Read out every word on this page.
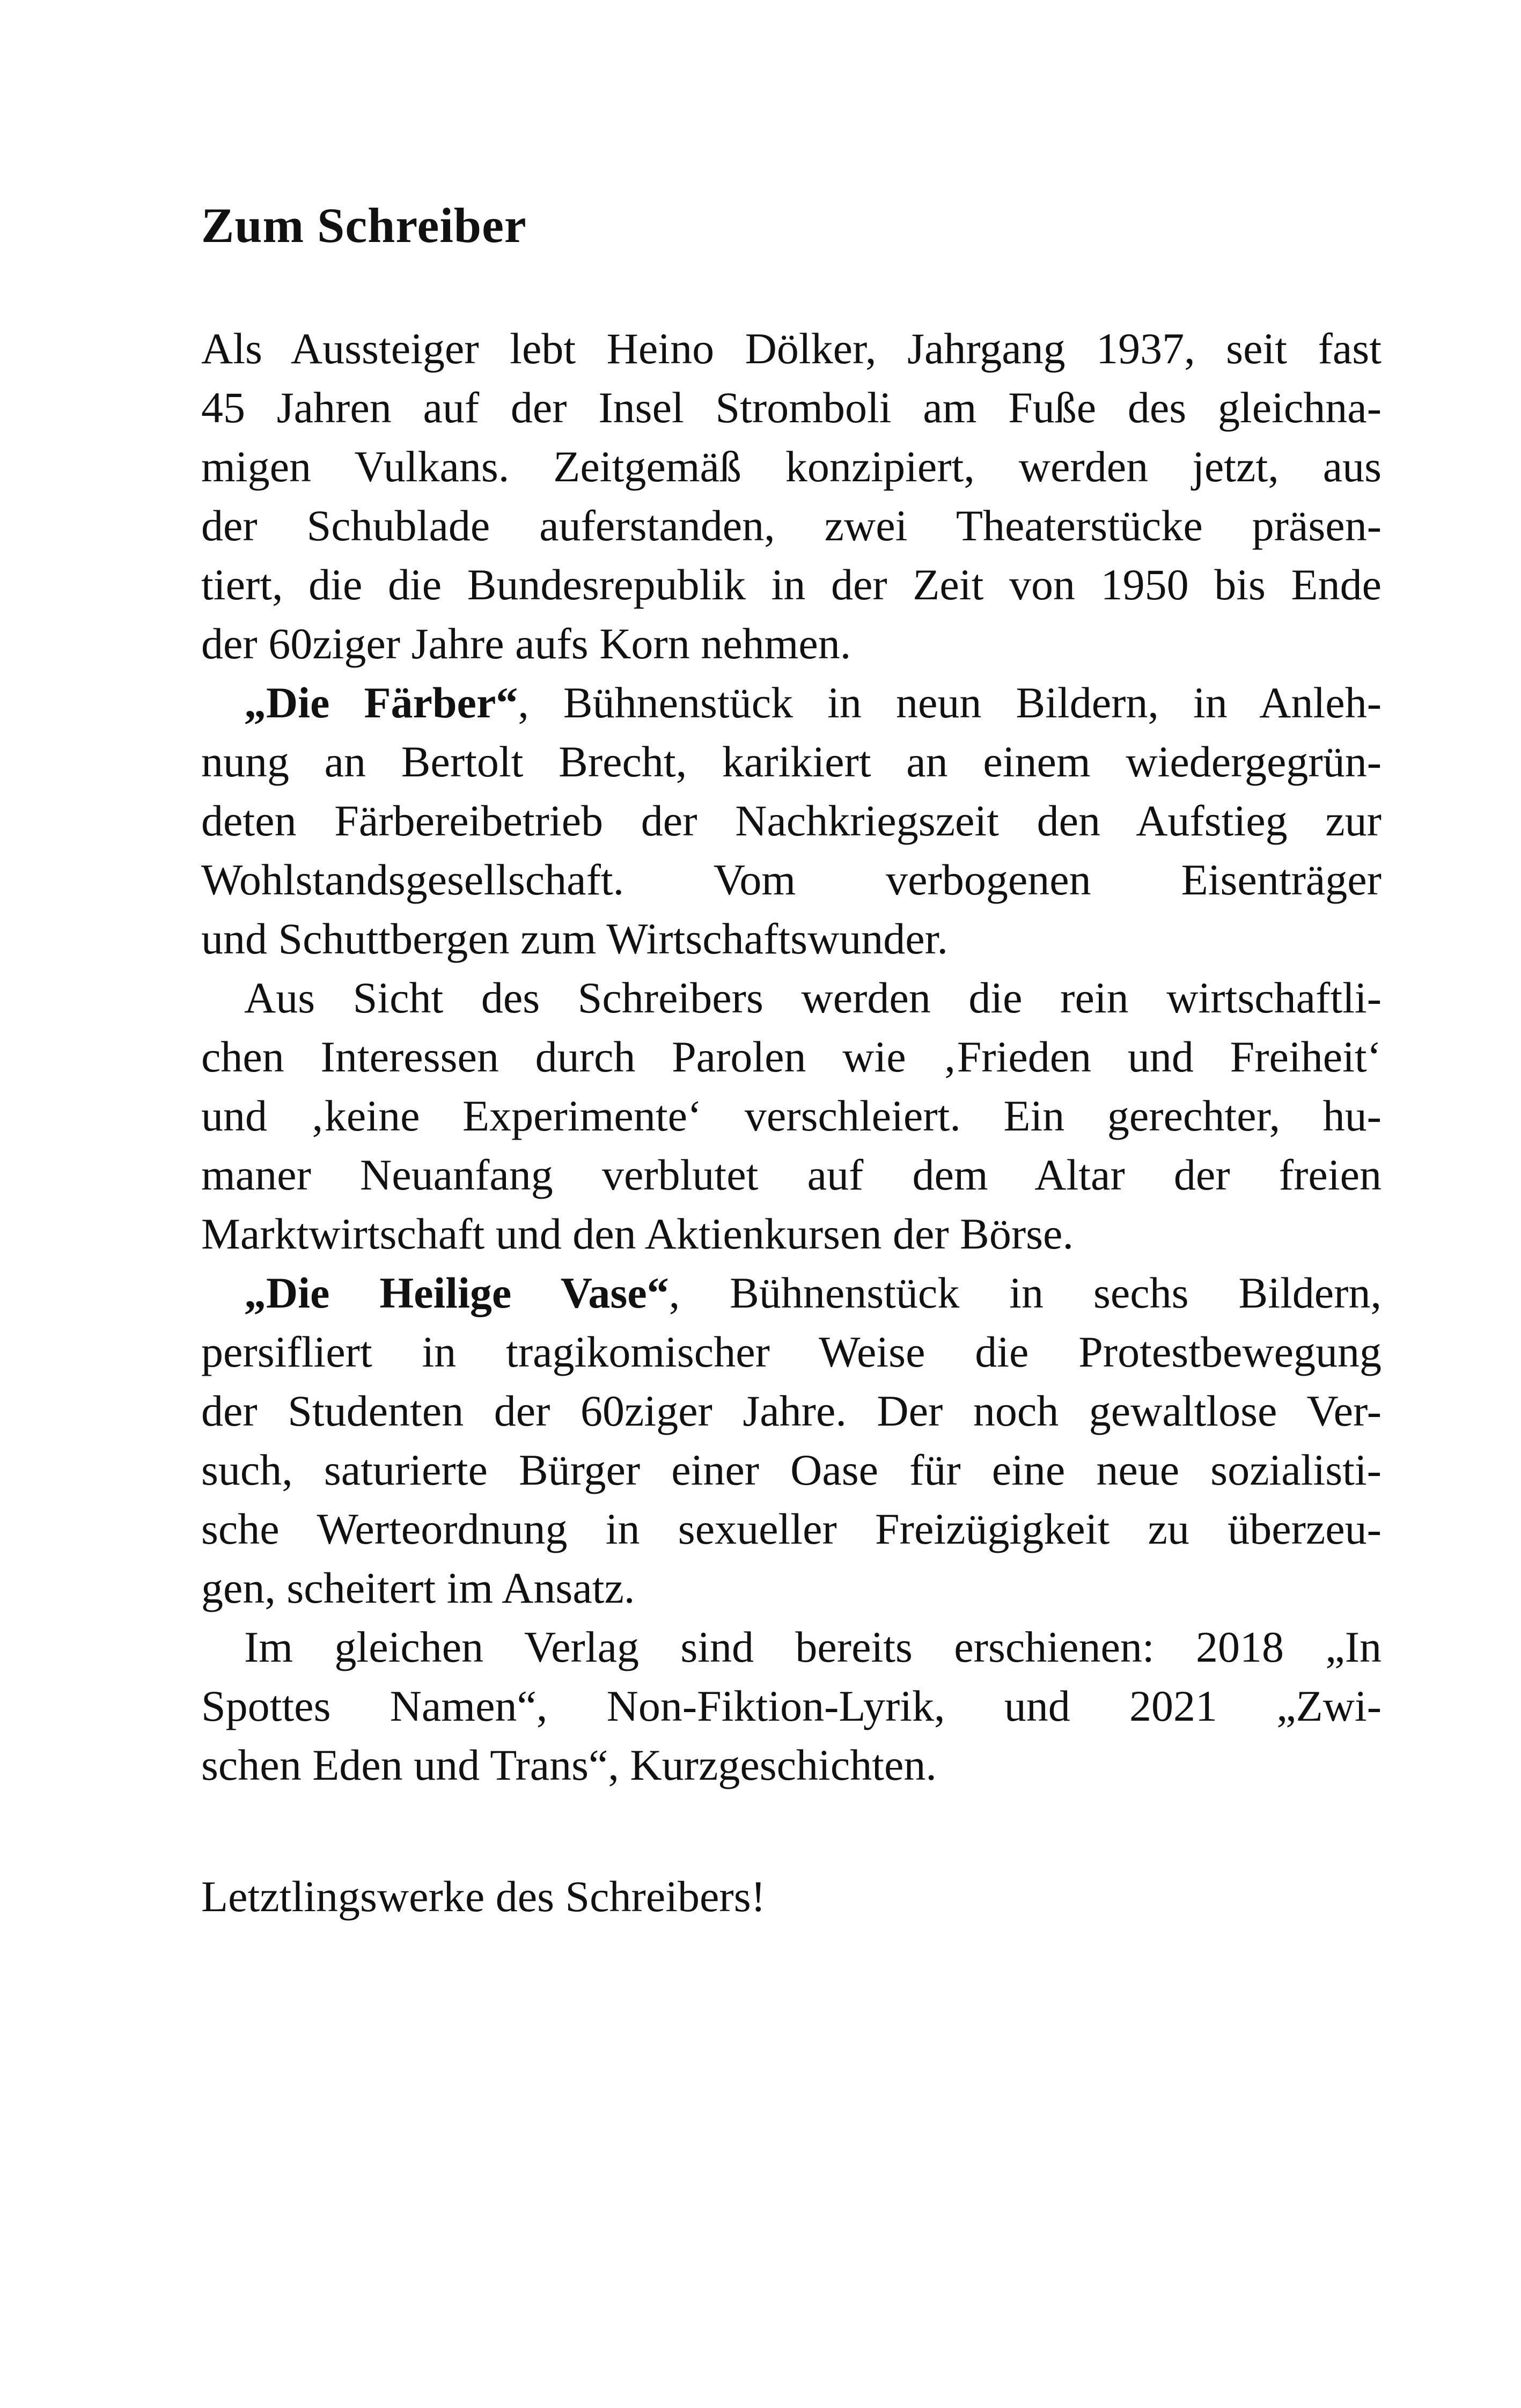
Zum Schreiber
Als Aussteiger lebt Heino Dölker, Jahrgang 1937, seit fast
45 Jahren auf der Insel Stromboli am Fuße des gleichna-
migen Vulkans. Zeitgemäß konzipiert, werden jetzt, aus
der Schublade auferstanden, zwei Theaterstücke präsen-
tiert, die die Bundesrepublik in der Zeit von 1950 bis Ende
der 60ziger Jahre aufs Korn nehmen.
„Die Färber“, Bühnenstück in neun Bildern, in Anleh-
nung an Bertolt Brecht, karikiert an einem wiedergegrün-
deten Färbereibetrieb der Nachkriegszeit den Aufstieg zur
Wohlstandsgesellschaft. Vom verbogenen Eisenträger
und Schuttbergen zum Wirtschaftswunder.
Aus Sicht des Schreibers werden die rein wirtschaftli-
chen Interessen durch Parolen wie ‚Frieden und Freiheit‘
und ‚keine Experimente‘ verschleiert. Ein gerechter, hu-
maner Neuanfang verblutet auf dem Altar der freien
Marktwirtschaft und den Aktienkursen der Börse.
„Die Heilige Vase“, Bühnenstück in sechs Bildern,
persifliert in tragikomischer Weise die Protestbewegung
der Studenten der 60ziger Jahre. Der noch gewaltlose Ver-
such, saturierte Bürger einer Oase für eine neue sozialisti-
sche Werteordnung in sexueller Freizügigkeit zu überzeu-
gen, scheitert im Ansatz.
Im gleichen Verlag sind bereits erschienen: 2018 „In
Spottes Namen“, Non-Fiktion-Lyrik, und 2021 „Zwi-
schen Eden und Trans“, Kurzgeschichten.

Letztlingswerke des Schreibers!
